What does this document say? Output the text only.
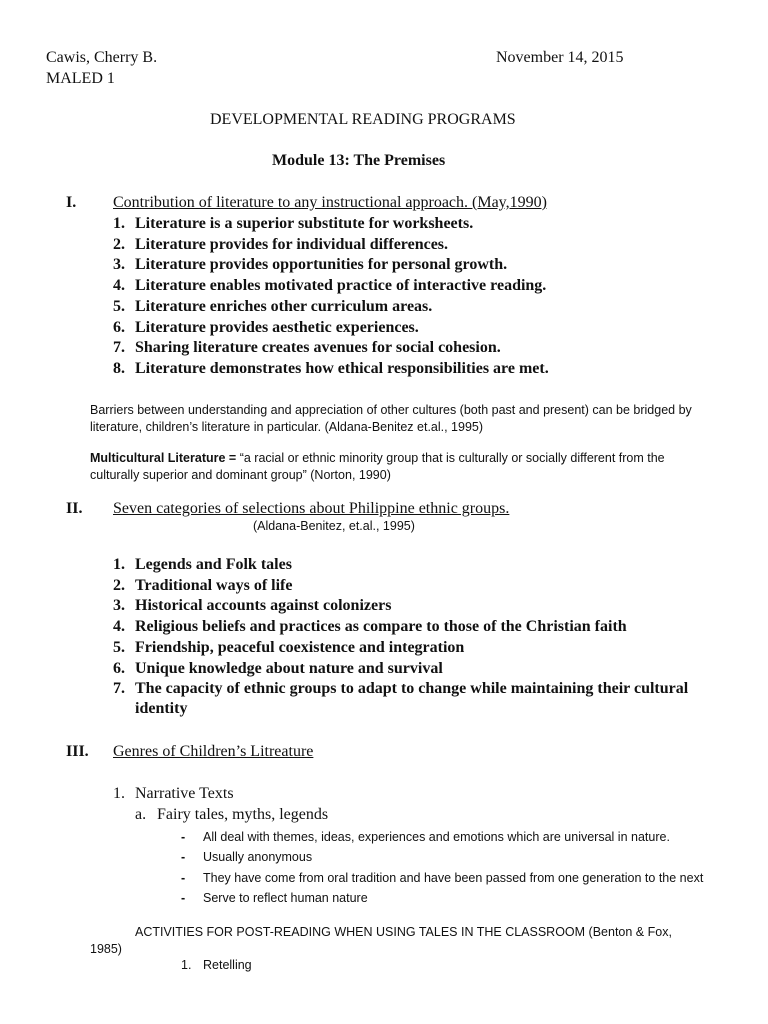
Cawis, Cherry B.
MALED 1
November 14, 2015
DEVELOPMENTAL READING PROGRAMS
Module 13: The Premises
I. Contribution of literature to any instructional approach. (May,1990)
1. Literature is a superior substitute for worksheets.
2. Literature provides for individual differences.
3. Literature provides opportunities for personal growth.
4. Literature enables motivated practice of interactive reading.
5. Literature enriches other curriculum areas.
6. Literature provides aesthetic experiences.
7. Sharing literature creates avenues for social cohesion.
8. Literature demonstrates how ethical responsibilities are met.
Barriers between understanding and appreciation of other cultures (both past and present) can be bridged by
literature, children’s literature in particular. (Aldana-Benitez et.al., 1995)
Multicultural Literature = “a racial or ethnic minority group that is culturally or socially different from the
culturally superior and dominant group” (Norton, 1990)
II. Seven categories of selections about Philippine ethnic groups.
(Aldana-Benitez, et.al., 1995)
1. Legends and Folk tales
2. Traditional ways of life
3. Historical accounts against colonizers
4. Religious beliefs and practices as compare to those of the Christian faith
5. Friendship, peaceful coexistence and integration
6. Unique knowledge about nature and survival
7. The capacity of ethnic groups to adapt to change while maintaining their cultural
identity
III. Genres of Children’s Litreature
1. Narrative Texts
a. Fairy tales, myths, legends
- All deal with themes, ideas, experiences and emotions which are universal in nature.
- Usually anonymous
- They have come from oral tradition and have been passed from one generation to the next
- Serve to reflect human nature
ACTIVITIES FOR POST-READING WHEN USING TALES IN THE CLASSROOM (Benton & Fox,
1985)
1. Retelling
